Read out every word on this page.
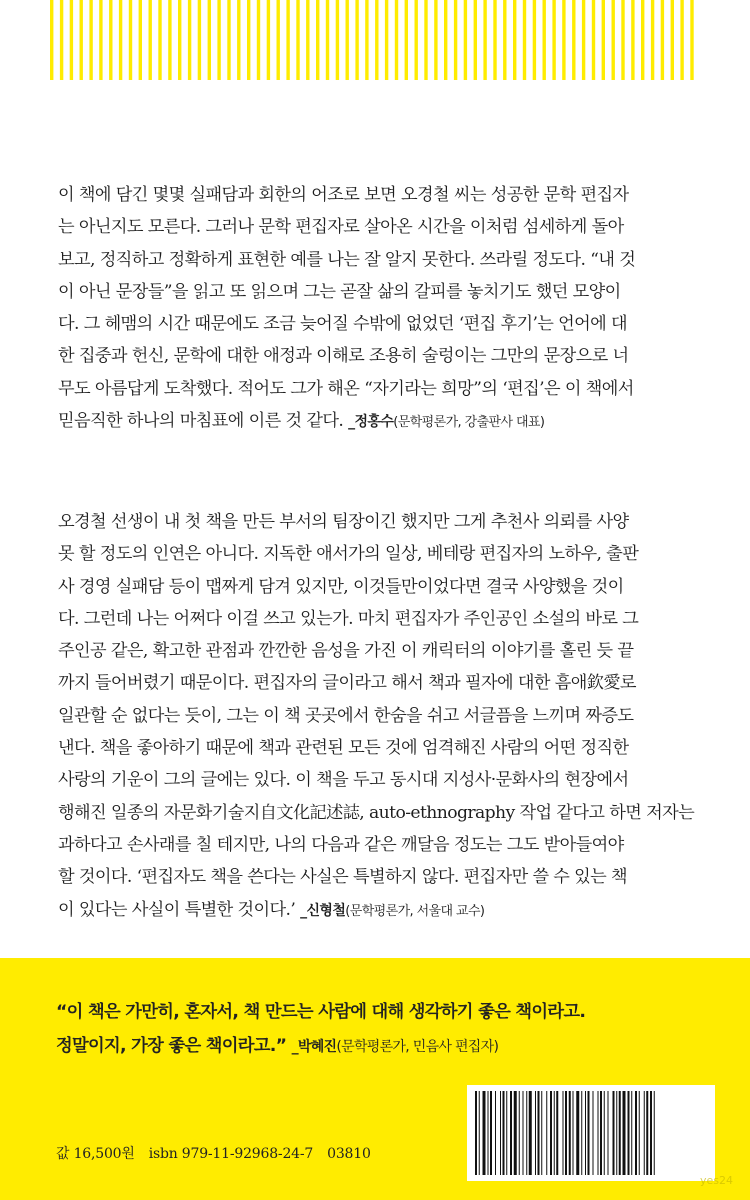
이 책에 담긴 몇몇 실패담과 회한의 어조로 보면 오경철 씨는 성공한 문학 편집자
는 아닌지도 모른다. 그러나 문학 편집자로 살아온 시간을 이처럼 섬세하게 돌아
보고, 정직하고 정확하게 표현한 예를 나는 잘 알지 못한다. 쓰라릴 정도다. “내 것
이 아닌 문장들”을 읽고 또 읽으며 그는 곧잘 삶의 갈피를 놓치기도 했던 모양이
다. 그 헤맴의 시간 때문에도 조금 늦어질 수밖에 없었던 ‘편집 후기’는 언어에 대
한 집중과 헌신, 문학에 대한 애정과 이해로 조용히 술렁이는 그만의 문장으로 너
무도 아름답게 도착했다. 적어도 그가 해온 “자기라는 희망”의 ‘편집’은 이 책에서
믿음직한 하나의 마침표에 이른 것 같다. _정홍수(문학평론가, 강출판사 대표)
오경철 선생이 내 첫 책을 만든 부서의 팀장이긴 했지만 그게 추천사 의뢰를 사양
못 할 정도의 인연은 아니다. 지독한 애서가의 일상, 베테랑 편집자의 노하우, 출판
사 경영 실패담 등이 맵짜게 담겨 있지만, 이것들만이었다면 결국 사양했을 것이
다. 그런데 나는 어쩌다 이걸 쓰고 있는가. 마치 편집자가 주인공인 소설의 바로 그
주인공 같은, 확고한 관점과 깐깐한 음성을 가진 이 캐릭터의 이야기를 홀린 듯 끝
까지 들어버렸기 때문이다. 편집자의 글이라고 해서 책과 필자에 대한 흠애欽愛로
일관할 순 없다는 듯이, 그는 이 책 곳곳에서 한숨을 쉬고 서글픔을 느끼며 짜증도
낸다. 책을 좋아하기 때문에 책과 관련된 모든 것에 엄격해진 사람의 어떤 정직한
사랑의 기운이 그의 글에는 있다. 이 책을 두고 동시대 지성사·문화사의 현장에서
행해진 일종의 자문화기술지自文化記述誌, auto-ethnography 작업 같다고 하면 저자는
과하다고 손사래를 칠 테지만, 나의 다음과 같은 깨달음 정도는 그도 받아들여야
할 것이다. ‘편집자도 책을 쓴다는 사실은 특별하지 않다. 편집자만 쓸 수 있는 책
이 있다는 사실이 특별한 것이다.’ _신형철(문학평론가, 서울대 교수)
“이 책은 가만히, 혼자서, 책 만드는 사람에 대해 생각하기 좋은 책이라고.
정말이지, 가장 좋은 책이라고.” _박혜진(문학평론가, 민음사 편집자)
값 16,500원 isbn 979-11-92968-24-7 03810
yes24
